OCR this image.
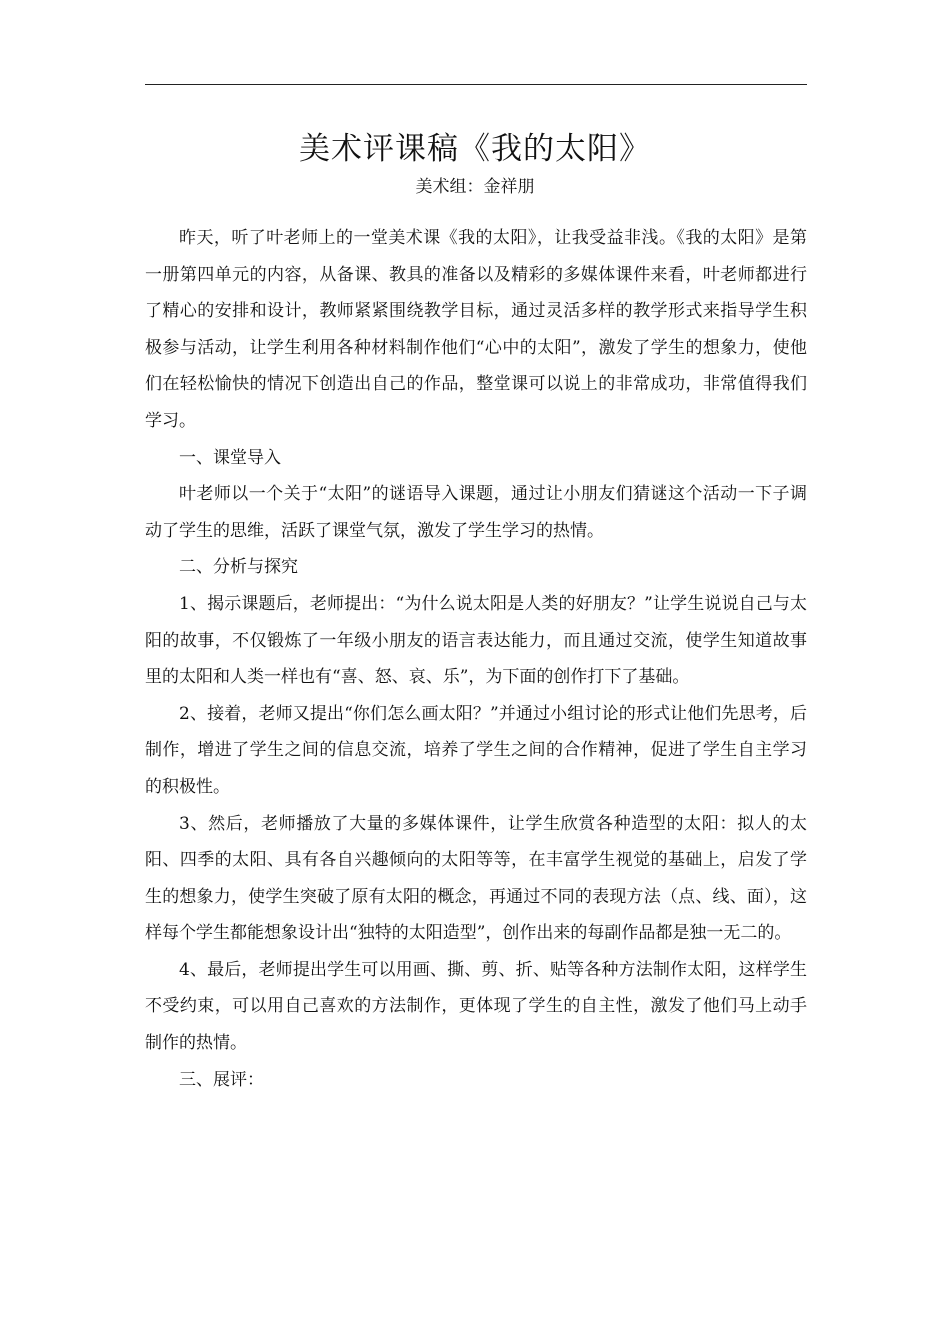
美术评课稿《我的太阳》
美术组：金祥朋

昨天，听了叶老师上的一堂美术课《我的太阳》，让我受益非浅。《我的太阳》是第一册第四单元的内容，从备课、教具的准备以及精彩的多媒体课件来看，叶老师都进行了精心的安排和设计，教师紧紧围绕教学目标，通过灵活多样的教学形式来指导学生积极参与活动，让学生利用各种材料制作他们“心中的太阳”，激发了学生的想象力，使他们在轻松愉快的情况下创造出自己的作品，整堂课可以说上的非常成功，非常值得我们学习。

一、课堂导入

叶老师以一个关于“太阳”的谜语导入课题，通过让小朋友们猜谜这个活动一下子调动了学生的思维，活跃了课堂气氛，激发了学生学习的热情。

二、分析与探究

1、揭示课题后，老师提出：“为什么说太阳是人类的好朋友？”让学生说说自己与太阳的故事，不仅锻炼了一年级小朋友的语言表达能力，而且通过交流，使学生知道故事里的太阳和人类一样也有“喜、怒、哀、乐”，为下面的创作打下了基础。

2、接着，老师又提出“你们怎么画太阳？”并通过小组讨论的形式让他们先思考，后制作，增进了学生之间的信息交流，培养了学生之间的合作精神，促进了学生自主学习的积极性。

3、然后，老师播放了大量的多媒体课件，让学生欣赏各种造型的太阳：拟人的太阳、四季的太阳、具有各自兴趣倾向的太阳等等，在丰富学生视觉的基础上，启发了学生的想象力，使学生突破了原有太阳的概念，再通过不同的表现方法（点、线、面），这样每个学生都能想象设计出“独特的太阳造型”，创作出来的每副作品都是独一无二的。

4、最后，老师提出学生可以用画、撕、剪、折、贴等各种方法制作太阳，这样学生不受约束，可以用自己喜欢的方法制作，更体现了学生的自主性，激发了他们马上动手制作的热情。

三、展评：
